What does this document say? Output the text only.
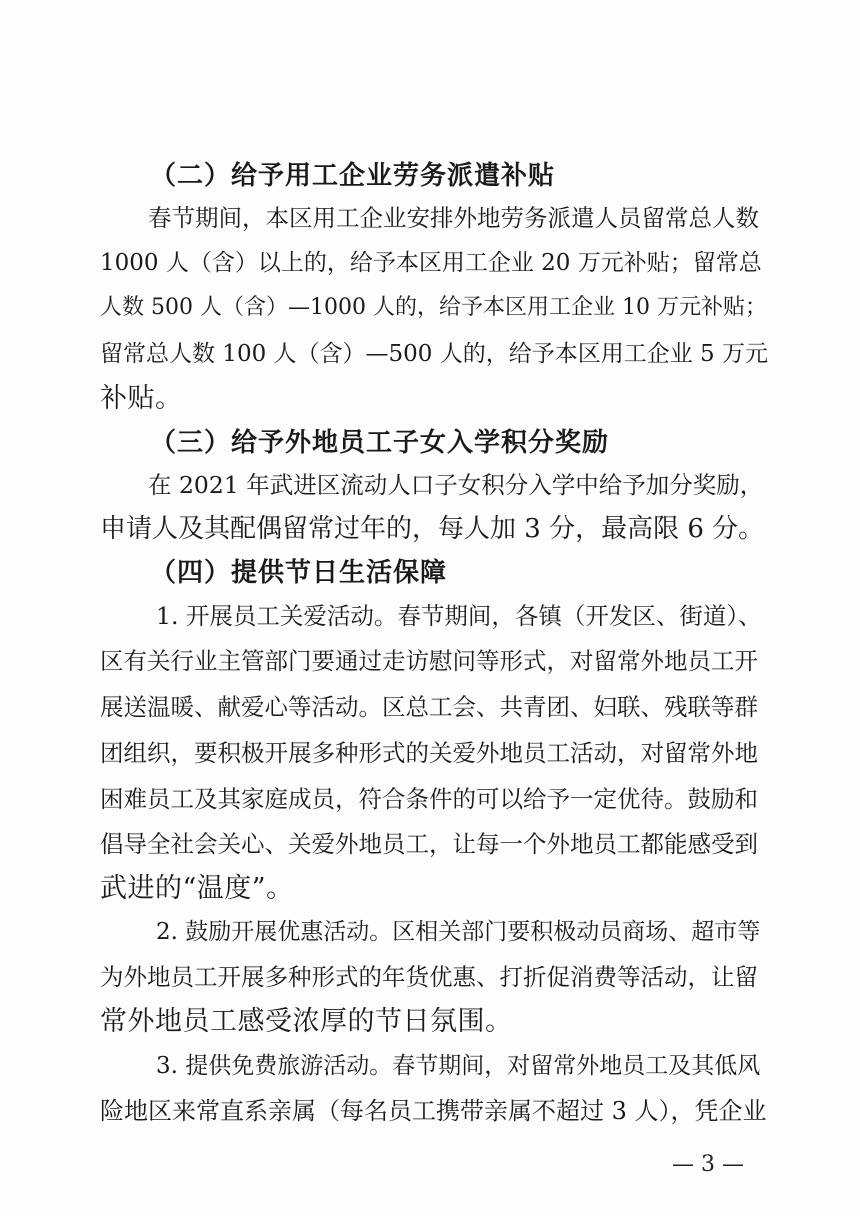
（二）给予用工企业劳务派遣补贴
春节期间，本区用工企业安排外地劳务派遣人员留常总人数
1000 人（含）以上的，给予本区用工企业 20 万元补贴；留常总
人数 500 人（含）—1000 人的，给予本区用工企业 10 万元补贴；
留常总人数 100 人（含）—500 人的，给予本区用工企业 5 万元
补贴。
（三）给予外地员工子女入学积分奖励
在 2021 年武进区流动人口子女积分入学中给予加分奖励，
申请人及其配偶留常过年的，每人加 3 分，最高限 6 分。
（四）提供节日生活保障
1. 开展员工关爱活动。春节期间，各镇（开发区、街道）、
区有关行业主管部门要通过走访慰问等形式，对留常外地员工开
展送温暖、献爱心等活动。区总工会、共青团、妇联、残联等群
团组织，要积极开展多种形式的关爱外地员工活动，对留常外地
困难员工及其家庭成员，符合条件的可以给予一定优待。鼓励和
倡导全社会关心、关爱外地员工，让每一个外地员工都能感受到
武进的“温度”。
2. 鼓励开展优惠活动。区相关部门要积极动员商场、超市等
为外地员工开展多种形式的年货优惠、打折促消费等活动，让留
常外地员工感受浓厚的节日氛围。
3. 提供免费旅游活动。春节期间，对留常外地员工及其低风
险地区来常直系亲属（每名员工携带亲属不超过 3 人），凭企业
— 3 —
